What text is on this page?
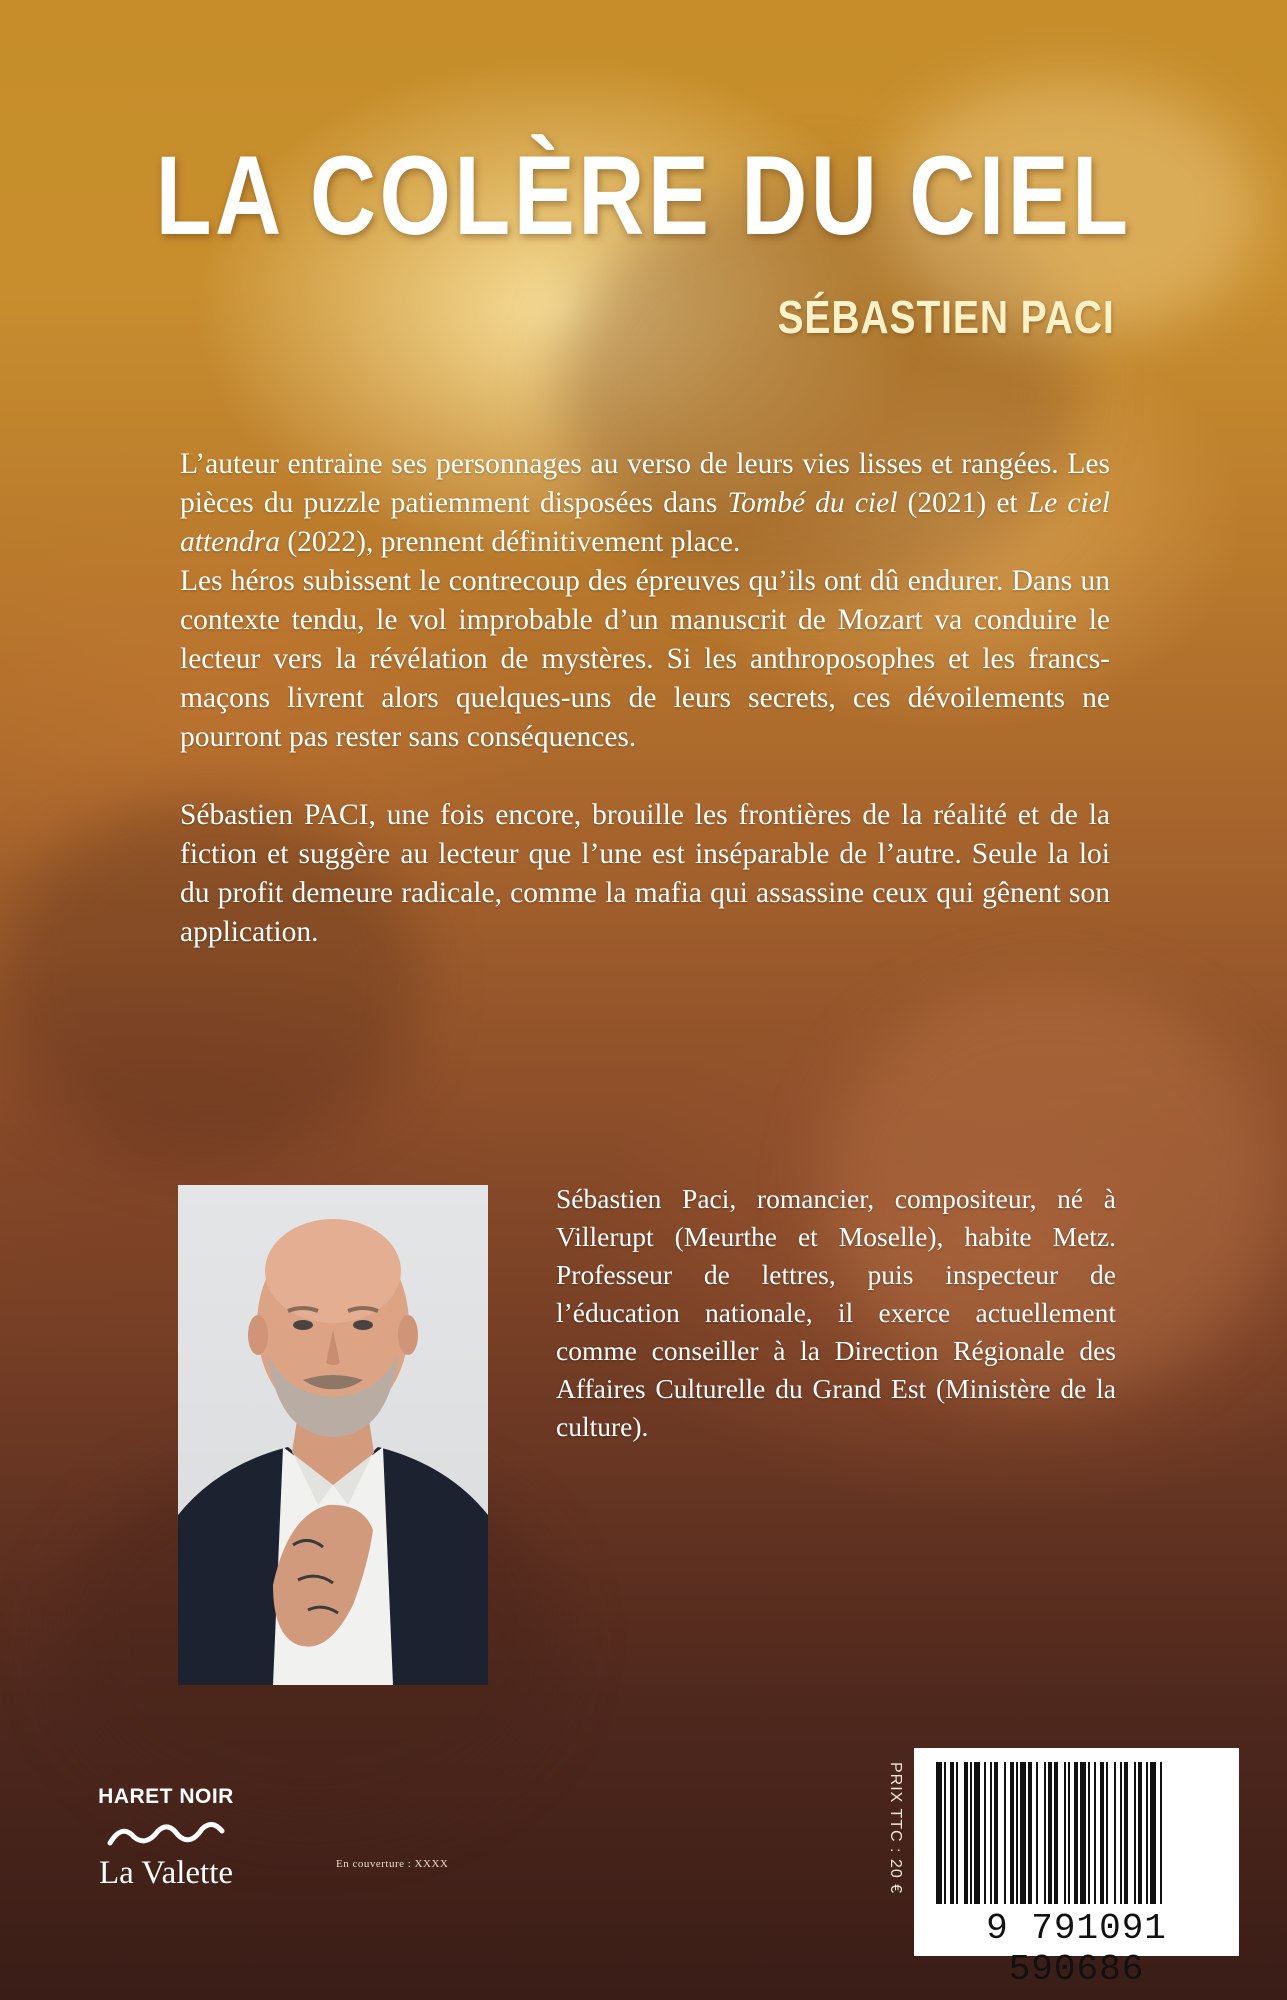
LA COLÈRE DU CIEL
SÉBASTIEN PACI

L’auteur entraine ses personnages au verso de leurs vies lisses et rangées. Les pièces du puzzle patiemment disposées dans Tombé du ciel (2021) et Le ciel attendra (2022), prennent définitivement place.

Les héros subissent le contrecoup des épreuves qu’ils ont dû endurer. Dans un contexte tendu, le vol improbable d’un manuscrit de Mozart va conduire le lecteur vers la révélation de mystères. Si les anthroposophes et les francs-maçons livrent alors quelques-uns de leurs secrets, ces dévoilements ne pourront pas rester sans conséquences.

Sébastien PACI, une fois encore, brouille les frontières de la réalité et de la fiction et suggère au lecteur que l’une est inséparable de l’autre. Seule la loi du profit demeure radicale, comme la mafia qui assassine ceux qui gênent son application.

Sébastien Paci, romancier, compositeur, né à Villerupt (Meurthe et Moselle), habite Metz. Professeur de lettres, puis inspecteur de l’éducation nationale, il exerce actuellement comme conseiller à la Direction Régionale des Affaires Culturelle du Grand Est (Ministère de la culture).

HARET NOIR
La Valette	En couverture : XXXX	PRIX TTC : 20 €
9 791091 590686
